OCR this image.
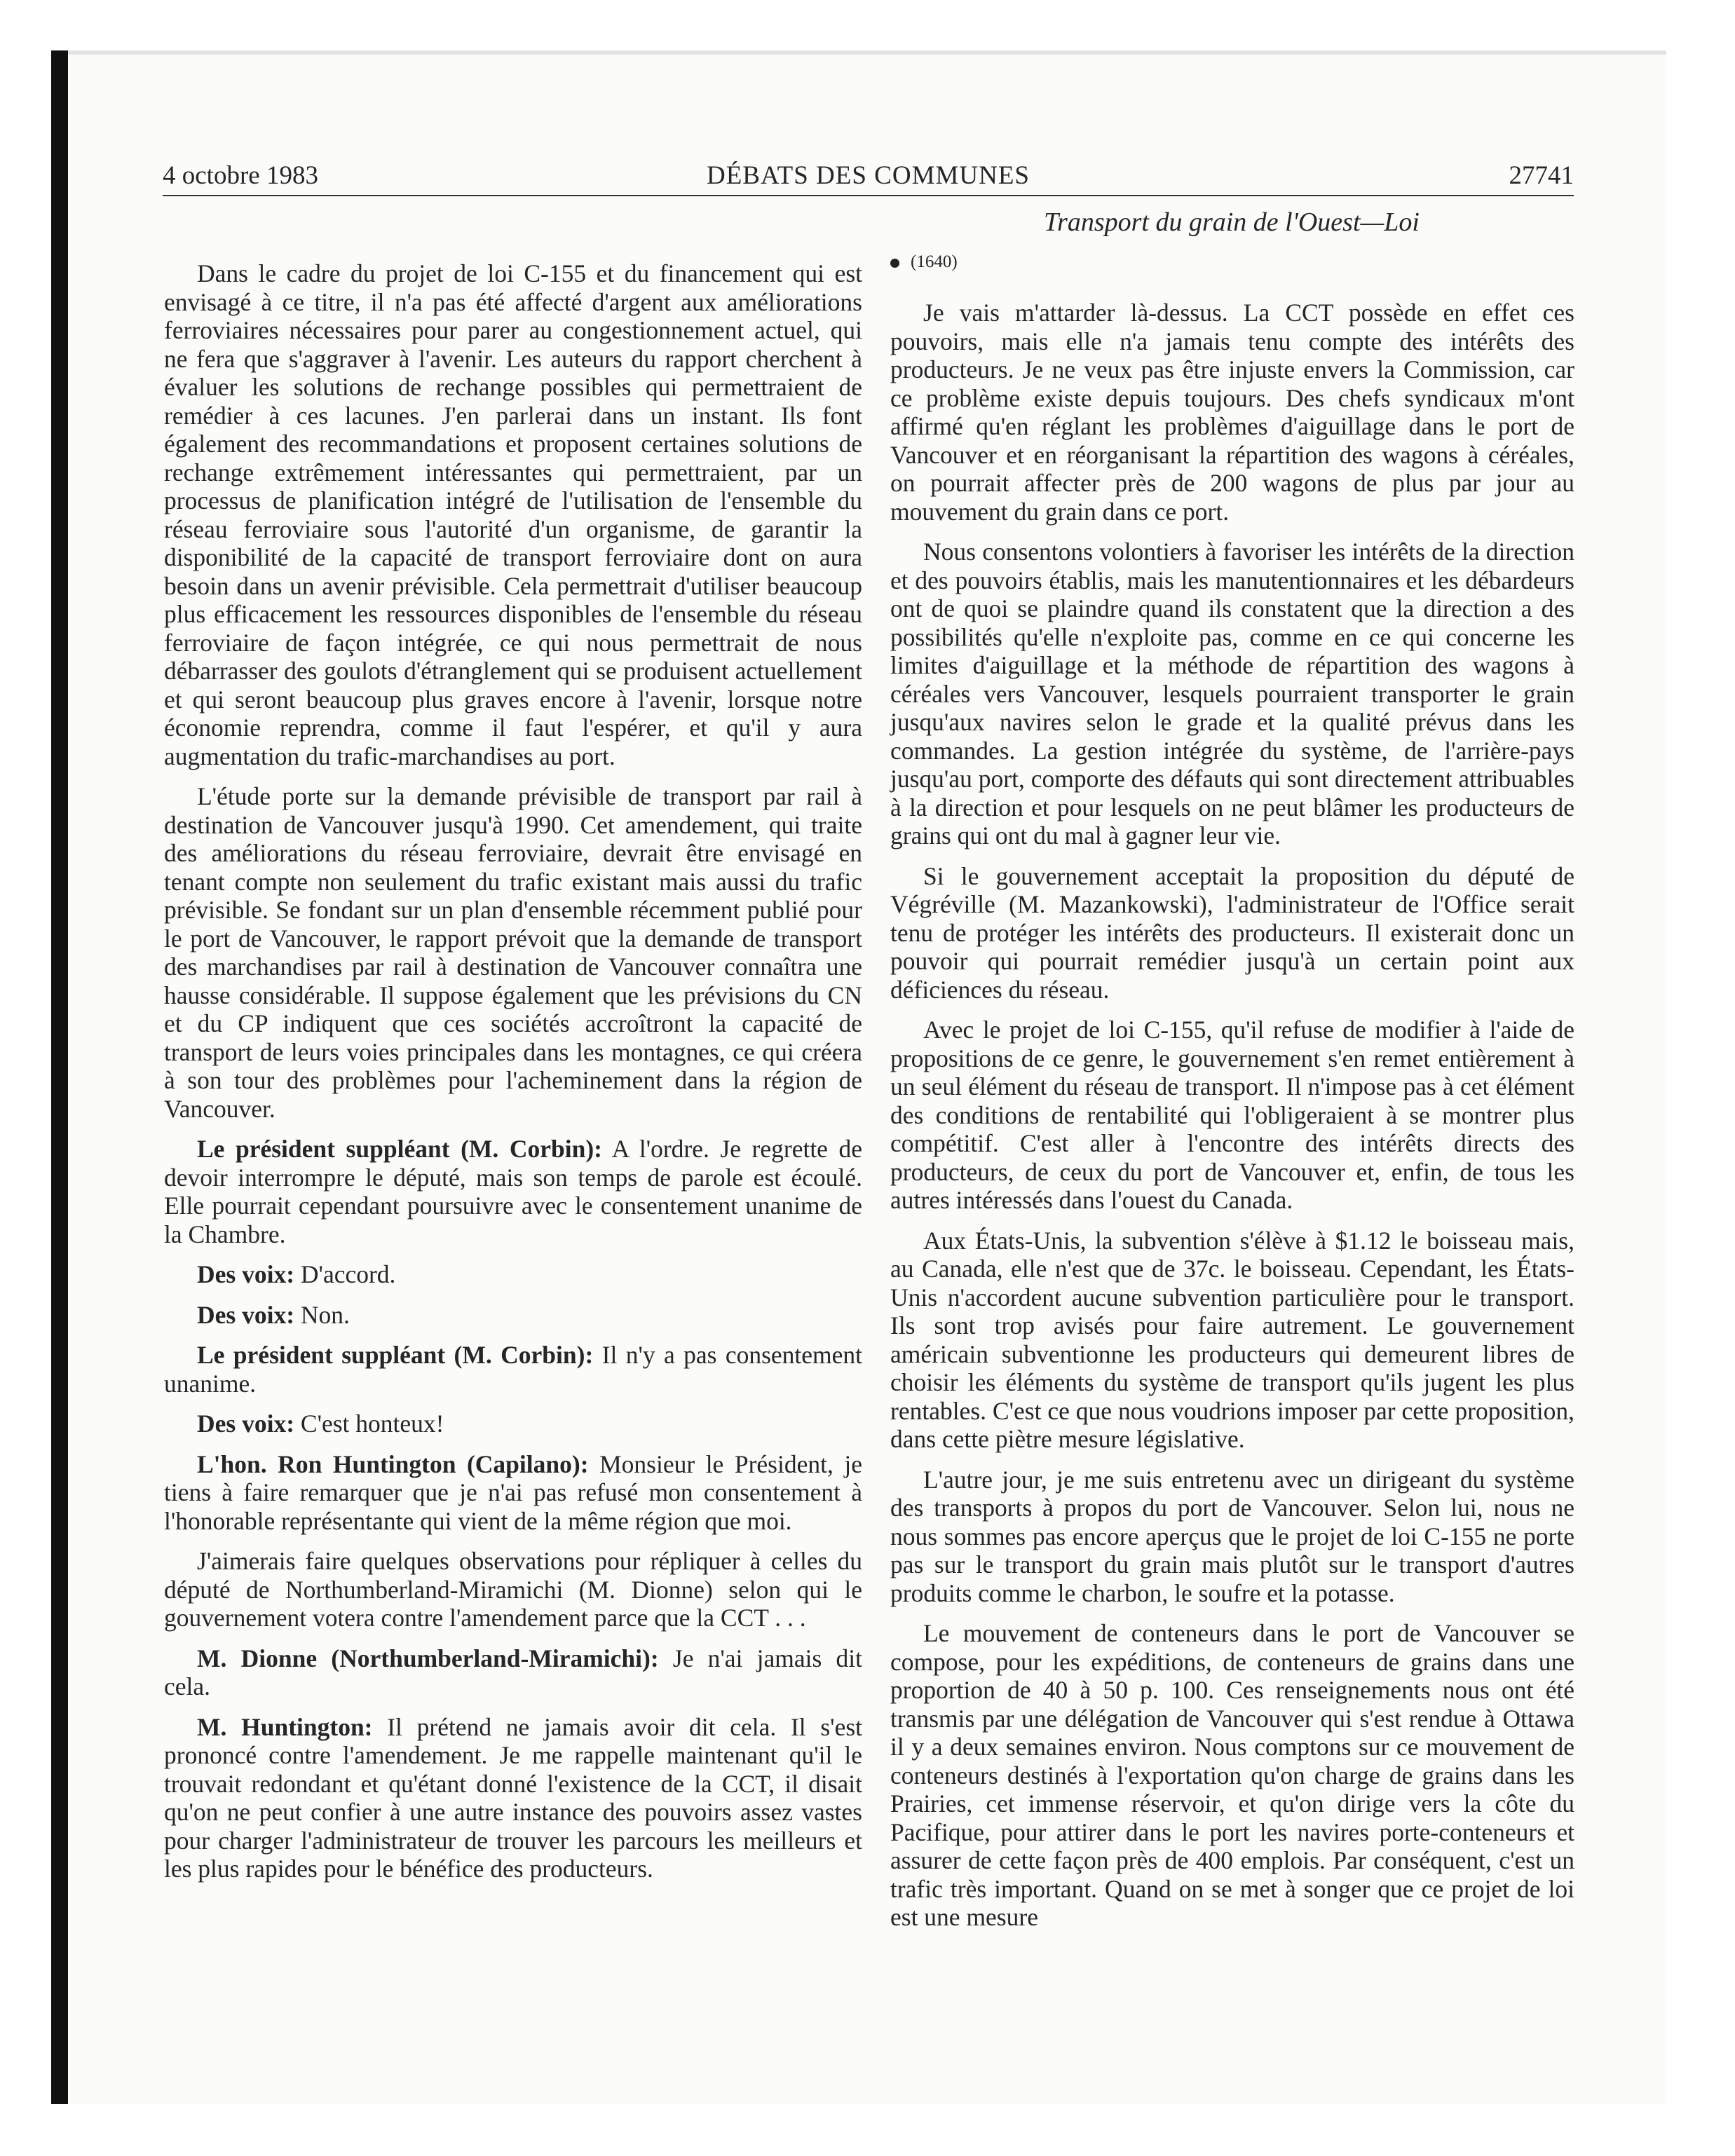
4 octobre 1983	DÉBATS DES COMMUNES	27741
Transport du grain de l'Ouest—Loi
(1640)

Dans le cadre du projet de loi C-155 et du financement qui est envisagé à ce titre, il n'a pas été affecté d'argent aux améliorations ferroviaires nécessaires pour parer au congestionnement actuel, qui ne fera que s'aggraver à l'avenir. Les auteurs du rapport cherchent à évaluer les solutions de rechange possibles qui permettraient de remédier à ces lacunes. J'en parlerai dans un instant. Ils font également des recommandations et proposent certaines solutions de rechange extrêmement intéressantes qui permettraient, par un processus de planification intégré de l'utilisation de l'ensemble du réseau ferroviaire sous l'autorité d'un organisme, de garantir la disponibilité de la capacité de transport ferroviaire dont on aura besoin dans un avenir prévisible. Cela permettrait d'utiliser beaucoup plus efficacement les ressources disponibles de l'ensemble du réseau ferroviaire de façon intégrée, ce qui nous permettrait de nous débarrasser des goulots d'étranglement qui se produisent actuellement et qui seront beaucoup plus graves encore à l'avenir, lorsque notre économie reprendra, comme il faut l'espérer, et qu'il y aura augmentation du trafic-marchandises au port.

L'étude porte sur la demande prévisible de transport par rail à destination de Vancouver jusqu'à 1990. Cet amendement, qui traite des améliorations du réseau ferroviaire, devrait être envisagé en tenant compte non seulement du trafic existant mais aussi du trafic prévisible. Se fondant sur un plan d'ensemble récemment publié pour le port de Vancouver, le rapport prévoit que la demande de transport des marchandises par rail à destination de Vancouver connaîtra une hausse considérable. Il suppose également que les prévisions du CN et du CP indiquent que ces sociétés accroîtront la capacité de transport de leurs voies principales dans les montagnes, ce qui créera à son tour des problèmes pour l'acheminement dans la région de Vancouver.

Le président suppléant (M. Corbin): A l'ordre. Je regrette de devoir interrompre le député, mais son temps de parole est écoulé. Elle pourrait cependant poursuivre avec le consentement unanime de la Chambre.

Des voix: D'accord.

Des voix: Non.

Le président suppléant (M. Corbin): Il n'y a pas consentement unanime.

Des voix: C'est honteux!

L'hon. Ron Huntington (Capilano): Monsieur le Président, je tiens à faire remarquer que je n'ai pas refusé mon consentement à l'honorable représentante qui vient de la même région que moi.

J'aimerais faire quelques observations pour répliquer à celles du député de Northumberland-Miramichi (M. Dionne) selon qui le gouvernement votera contre l'amendement parce que la CCT . . .

M. Dionne (Northumberland-Miramichi): Je n'ai jamais dit cela.

M. Huntington: Il prétend ne jamais avoir dit cela. Il s'est prononcé contre l'amendement. Je me rappelle maintenant qu'il le trouvait redondant et qu'étant donné l'existence de la CCT, il disait qu'on ne peut confier à une autre instance des pouvoirs assez vastes pour charger l'administrateur de trouver les parcours les meilleurs et les plus rapides pour le bénéfice des producteurs.

Je vais m'attarder là-dessus. La CCT possède en effet ces pouvoirs, mais elle n'a jamais tenu compte des intérêts des producteurs. Je ne veux pas être injuste envers la Commission, car ce problème existe depuis toujours. Des chefs syndicaux m'ont affirmé qu'en réglant les problèmes d'aiguillage dans le port de Vancouver et en réorganisant la répartition des wagons à céréales, on pourrait affecter près de 200 wagons de plus par jour au mouvement du grain dans ce port.

Nous consentons volontiers à favoriser les intérêts de la direction et des pouvoirs établis, mais les manutentionnaires et les débardeurs ont de quoi se plaindre quand ils constatent que la direction a des possibilités qu'elle n'exploite pas, comme en ce qui concerne les limites d'aiguillage et la méthode de répartition des wagons à céréales vers Vancouver, lesquels pourraient transporter le grain jusqu'aux navires selon le grade et la qualité prévus dans les commandes. La gestion intégrée du système, de l'arrière-pays jusqu'au port, comporte des défauts qui sont directement attribuables à la direction et pour lesquels on ne peut blâmer les producteurs de grains qui ont du mal à gagner leur vie.

Si le gouvernement acceptait la proposition du député de Végréville (M. Mazankowski), l'administrateur de l'Office serait tenu de protéger les intérêts des producteurs. Il existerait donc un pouvoir qui pourrait remédier jusqu'à un certain point aux déficiences du réseau.

Avec le projet de loi C-155, qu'il refuse de modifier à l'aide de propositions de ce genre, le gouvernement s'en remet entièrement à un seul élément du réseau de transport. Il n'impose pas à cet élément des conditions de rentabilité qui l'obligeraient à se montrer plus compétitif. C'est aller à l'encontre des intérêts directs des producteurs, de ceux du port de Vancouver et, enfin, de tous les autres intéressés dans l'ouest du Canada.

Aux États-Unis, la subvention s'élève à $1.12 le boisseau mais, au Canada, elle n'est que de 37c. le boisseau. Cependant, les États-Unis n'accordent aucune subvention particulière pour le transport. Ils sont trop avisés pour faire autrement. Le gouvernement américain subventionne les producteurs qui demeurent libres de choisir les éléments du système de transport qu'ils jugent les plus rentables. C'est ce que nous voudrions imposer par cette proposition, dans cette piètre mesure législative.

L'autre jour, je me suis entretenu avec un dirigeant du système des transports à propos du port de Vancouver. Selon lui, nous ne nous sommes pas encore aperçus que le projet de loi C-155 ne porte pas sur le transport du grain mais plutôt sur le transport d'autres produits comme le charbon, le soufre et la potasse.

Le mouvement de conteneurs dans le port de Vancouver se compose, pour les expéditions, de conteneurs de grains dans une proportion de 40 à 50 p. 100. Ces renseignements nous ont été transmis par une délégation de Vancouver qui s'est rendue à Ottawa il y a deux semaines environ. Nous comptons sur ce mouvement de conteneurs destinés à l'exportation qu'on charge de grains dans les Prairies, cet immense réservoir, et qu'on dirige vers la côte du Pacifique, pour attirer dans le port les navires porte-conteneurs et assurer de cette façon près de 400 emplois. Par conséquent, c'est un trafic très important. Quand on se met à songer que ce projet de loi est une mesure
